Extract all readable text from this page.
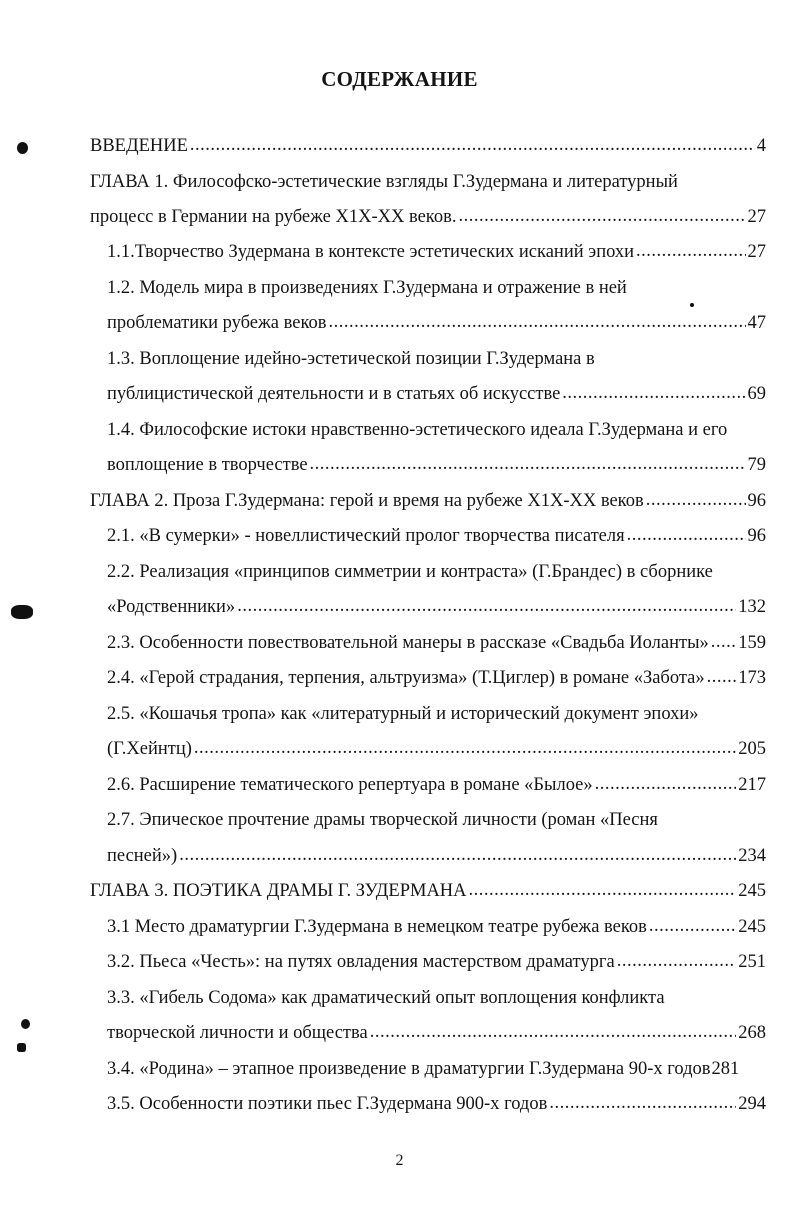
СОДЕРЖАНИЕ
ВВЕДЕНИЕ .....	4
ГЛАВА 1. Философско-эстетические взгляды Г.Зудермана и литературный
процесс в Германии на рубеже Х1Х-ХХ веков. .....	27
1.1.Творчество Зудермана в контексте эстетических исканий эпохи .....	27
1.2. Модель мира в произведениях Г.Зудермана и отражение в ней
проблематики рубежа веков .....	47
1.3. Воплощение идейно-эстетической позиции Г.Зудермана в
публицистической деятельности и в статьях об искусстве .....	69
1.4. Философские истоки нравственно-эстетического идеала Г.Зудермана и его
воплощение в творчестве .....	79
ГЛАВА 2. Проза Г.Зудермана: герой и время на рубеже Х1Х-ХХ веков .....	96
2.1. «В сумерки» - новеллистический пролог творчества писателя .....	96
2.2. Реализация «принципов симметрии и контраста» (Г.Брандес) в сборнике
«Родственники» .....	132
2.3. Особенности повествовательной манеры в рассказе «Свадьба Иоланты» ..... 159
2.4. «Герой страдания, терпения, альтруизма» (Т.Циглер) в романе «Забота» ..... 173
2.5. «Кошачья тропа» как «литературный и исторический документ эпохи»
(Г.Хейнтц) .....	205
2.6. Расширение тематического репертуара в романе «Былое» .....	217
2.7. Эпическое прочтение драмы творческой личности (роман «Песня
песней») .....	234
ГЛАВА 3. ПОЭТИКА ДРАМЫ Г. ЗУДЕРМАНА .....	245
3.1 Место драматургии Г.Зудермана в немецком театре рубежа веков .....	245
3.2. Пьеса «Честь»: на путях овладения мастерством драматурга .....	251
3.3. «Гибель Содома» как драматический опыт воплощения конфликта
творческой личности и общества .....	268
3.4. «Родина» – этапное произведение в драматургии Г.Зудермана 90-х годов 281
3.5. Особенности поэтики пьес Г.Зудермана 900-х годов .....	294
2
